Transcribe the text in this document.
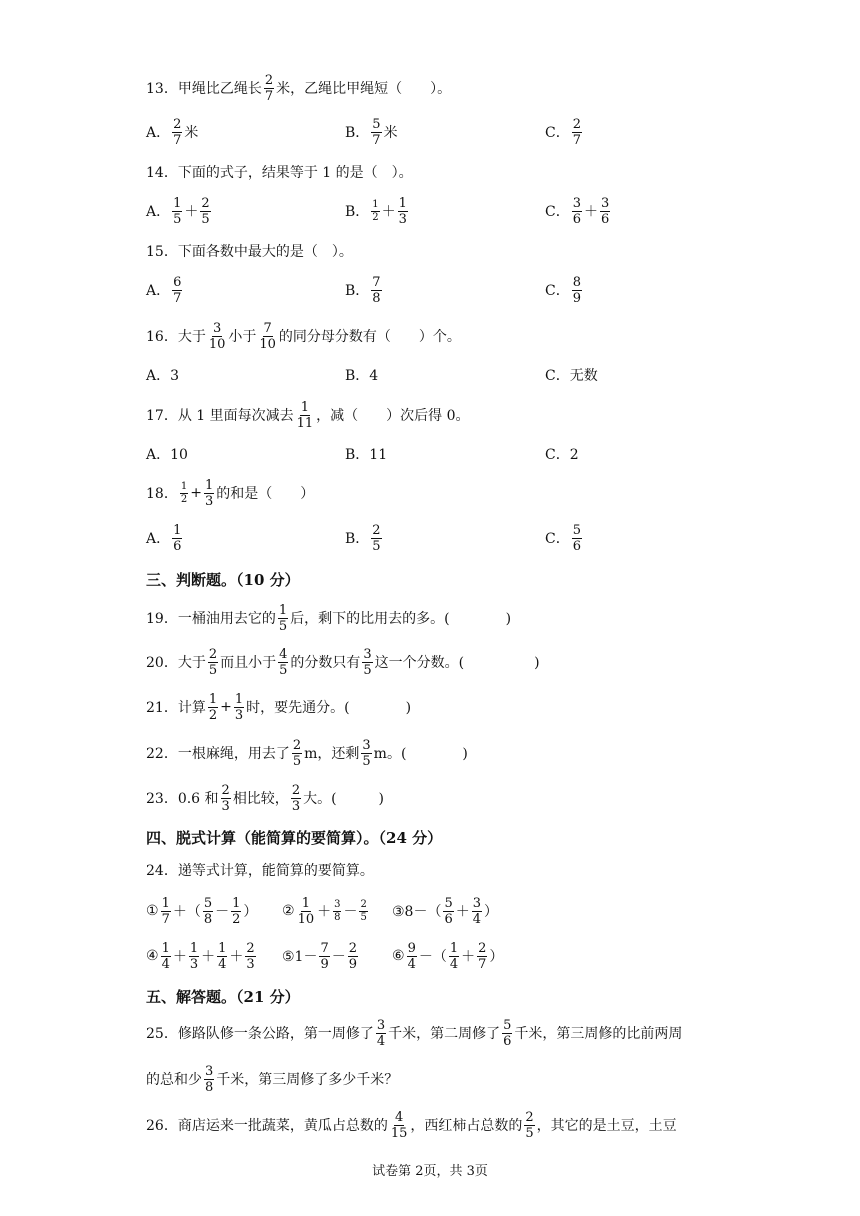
13． 甲绳比乙绳长 $\frac{2}{7}$ 米，乙绳比甲绳短（　　）。
A． $\frac{2}{7}$ 米	B． $\frac{5}{7}$ 米	C． $\frac{2}{7}$
14．下面的式子，结果等于 1 的是（　）。
A． $\frac{1}{5} + \frac{2}{5}$	B． $\frac{1}{2} + \frac{1}{3}$	C． $\frac{3}{6} + \frac{3}{6}$
15．下面各数中最大的是（　）。
A． $\frac{6}{7}$	B． $\frac{7}{8}$	C． $\frac{8}{9}$
16．大于 $\frac{3}{10}$ 小于 $\frac{7}{10}$ 的同分母分数有（　　）个。
A．3	B．4	C．无数
17．从 1 里面每次减去 $\frac{1}{11}$ ，减（　　）次后得 0。
A．10	B．11	C．2
18． $\frac{1}{2} + \frac{1}{3}$ 的和是（　　）
A． $\frac{1}{6}$	B． $\frac{2}{5}$	C． $\frac{5}{6}$
三、判断题。（10 分）
19．一桶油用去它的 $\frac{1}{5}$ 后，剩下的比用去的多。(　　　　)
20．大于 $\frac{2}{5}$ 而且小于 $\frac{4}{5}$ 的分数只有 $\frac{3}{5}$ 这一个分数。(　　　　　)
21．计算 $\frac{1}{2} + \frac{1}{3}$ 时，要先通分。(　　　　)
22．一根麻绳，用去了 $\frac{2}{5}$ m，还剩 $\frac{3}{5}$ m。(　　　　)
23．0.6 和 $\frac{2}{3}$ 相比较， $\frac{2}{3}$ 大。(　　　)
四、脱式计算（能简算的要简算）。（24 分）
24．递等式计算，能简算的要简算。
① $\frac{1}{7}$ ＋（ $\frac{5}{8} - \frac{1}{2}$ ） ② $\frac{1}{10} + \frac{3}{8} - \frac{2}{5}$ ③8－（ $\frac{5}{6} + \frac{3}{4}$ ）
④ $\frac{1}{4} + \frac{1}{3} + \frac{1}{4} + \frac{2}{3}$ ⑤1－ $\frac{7}{9} - \frac{2}{9}$ ⑥ $\frac{9}{4}$ －（ $\frac{1}{4} + \frac{2}{7}$ ）
五、解答题。（21 分）
25．修路队修一条公路，第一周修了 $\frac{3}{4}$ 千米，第二周修了 $\frac{5}{6}$ 千米，第三周修的比前两周
的总和少 $\frac{3}{8}$ 千米，第三周修了多少千米？
26．商店运来一批蔬菜，黄瓜占总数的 $\frac{4}{15}$ ，西红柿占总数的 $\frac{2}{5}$ ，其它的是土豆，土豆
试卷第 2页，共 3页
